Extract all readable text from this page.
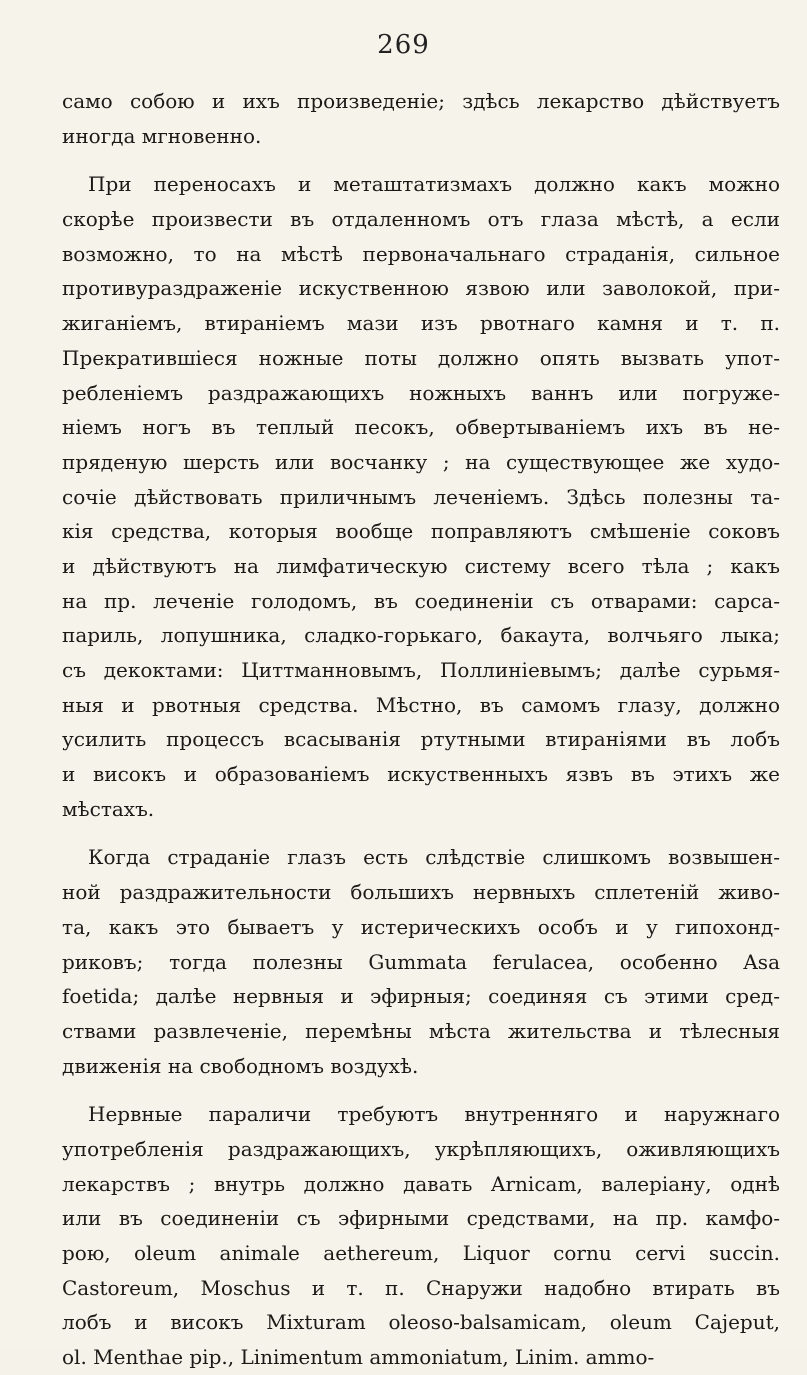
269
само собою и ихъ произведенiе; здѣсь лекарство дѣйствуетъ
иногда мгновенно.
При переносахъ и меташтатизмахъ должно какъ можно
скорѣе произвести въ отдаленномъ отъ глаза мѣстѣ, а если
возможно, то на мѣстѣ первоначальнаго страданiя, сильное
противураздраженiе искуственною язвою или заволокой, при-
жиганiемъ, втиранiемъ мази изъ рвотнаго камня и т. п.
Прекратившiеся ножные поты должно опять вызвать упот-
ребленiемъ раздражающихъ ножныхъ ваннъ или погруже-
нiемъ ногъ въ теплый песокъ, обвертыванiемъ ихъ въ не-
пряденую шерсть или восчанку ; на существующее же худо-
сочiе дѣйствовать приличнымъ леченiемъ. Здѣсь полезны та-
кiя средства, которыя вообще поправляютъ смѣшенiе соковъ
и дѣйствуютъ на лимфатическую систему всего тѣла ; какъ
на пр. леченiе голодомъ, въ соединенiи съ отварами: сарса-
париль, лопушника, сладко-горькаго, бакаута, волчьяго лыка;
съ декоктами: Циттманновымъ, Поллинiевымъ; далѣе сурьмя-
ныя и рвотныя средства. Мѣстно, въ самомъ глазу, должно
усилить процессъ всасыванiя ртутными втиранiями въ лобъ
и високъ и образованiемъ искуственныхъ язвъ въ этихъ же
мѣстахъ.
Когда страданiе глазъ есть слѣдствiе слишкомъ возвышен-
ной раздражительности большихъ нервныхъ сплетенiй живо-
та, какъ это бываетъ у истерическихъ особъ и у гипохонд-
риковъ; тогда полезны Gummata ferulacea, особенно Asa
foetida; далѣе нервныя и эфирныя; соединяя съ этими сред-
ствами развлеченiе, перемѣны мѣста жительства и тѣлесныя
движенiя на свободномъ воздухѣ.
Нервные параличи требуютъ внутренняго и наружнаго
употребленiя раздражающихъ, укрѣпляющихъ, оживляющихъ
лекарствъ ; внутрь должно давать Arnicam, валерiану, однѣ
или въ соединенiи съ эфирными средствами, на пр. камфо-
рою, oleum animale aethereum, Liquor cornu cervi succin.
Castoreum, Moschus и т. п. Снаружи надобно втирать въ
лобъ и високъ Mixturam oleoso-balsamicam, oleum Cajeput,
ol. Menthae pip., Linimentum ammoniatum, Linim. ammo-
